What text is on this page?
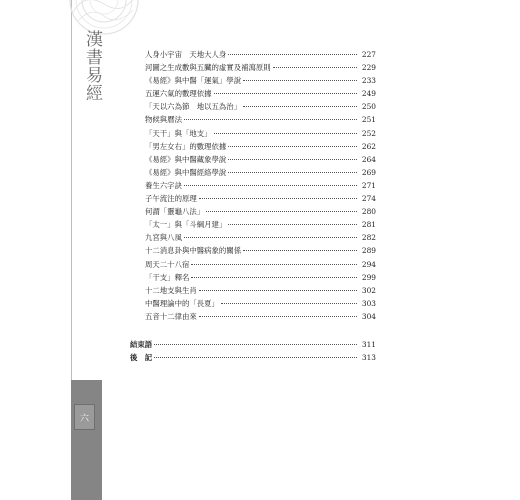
漢書易經
六
人身小宇宙　天地大人身	227
河圖之生成數與五臟的虛實及補瀉原則	229
《易經》與中醫「運氣」學說	233
五運六氣的數理依據	249
「天以六為節　地以五為治」	250
物候與曆法	251
「天干」與「地支」	252
「男左女右」的數理依據	262
《易經》與中醫藏象學說	264
《易經》與中醫經絡學說	269
養生六字訣	271
子午流注的原理	274
何謂「靈龜八法」	280
「太一」與「斗綱月建」	281
九宮與八風	282
十二消息卦與中醫病象的關係	289
周天二十八宿	294
「干支」釋名	299
十二地支與生肖	302
中醫理論中的「長夏」	303
五音十二律由來	304
結束語	311
後　記	313
